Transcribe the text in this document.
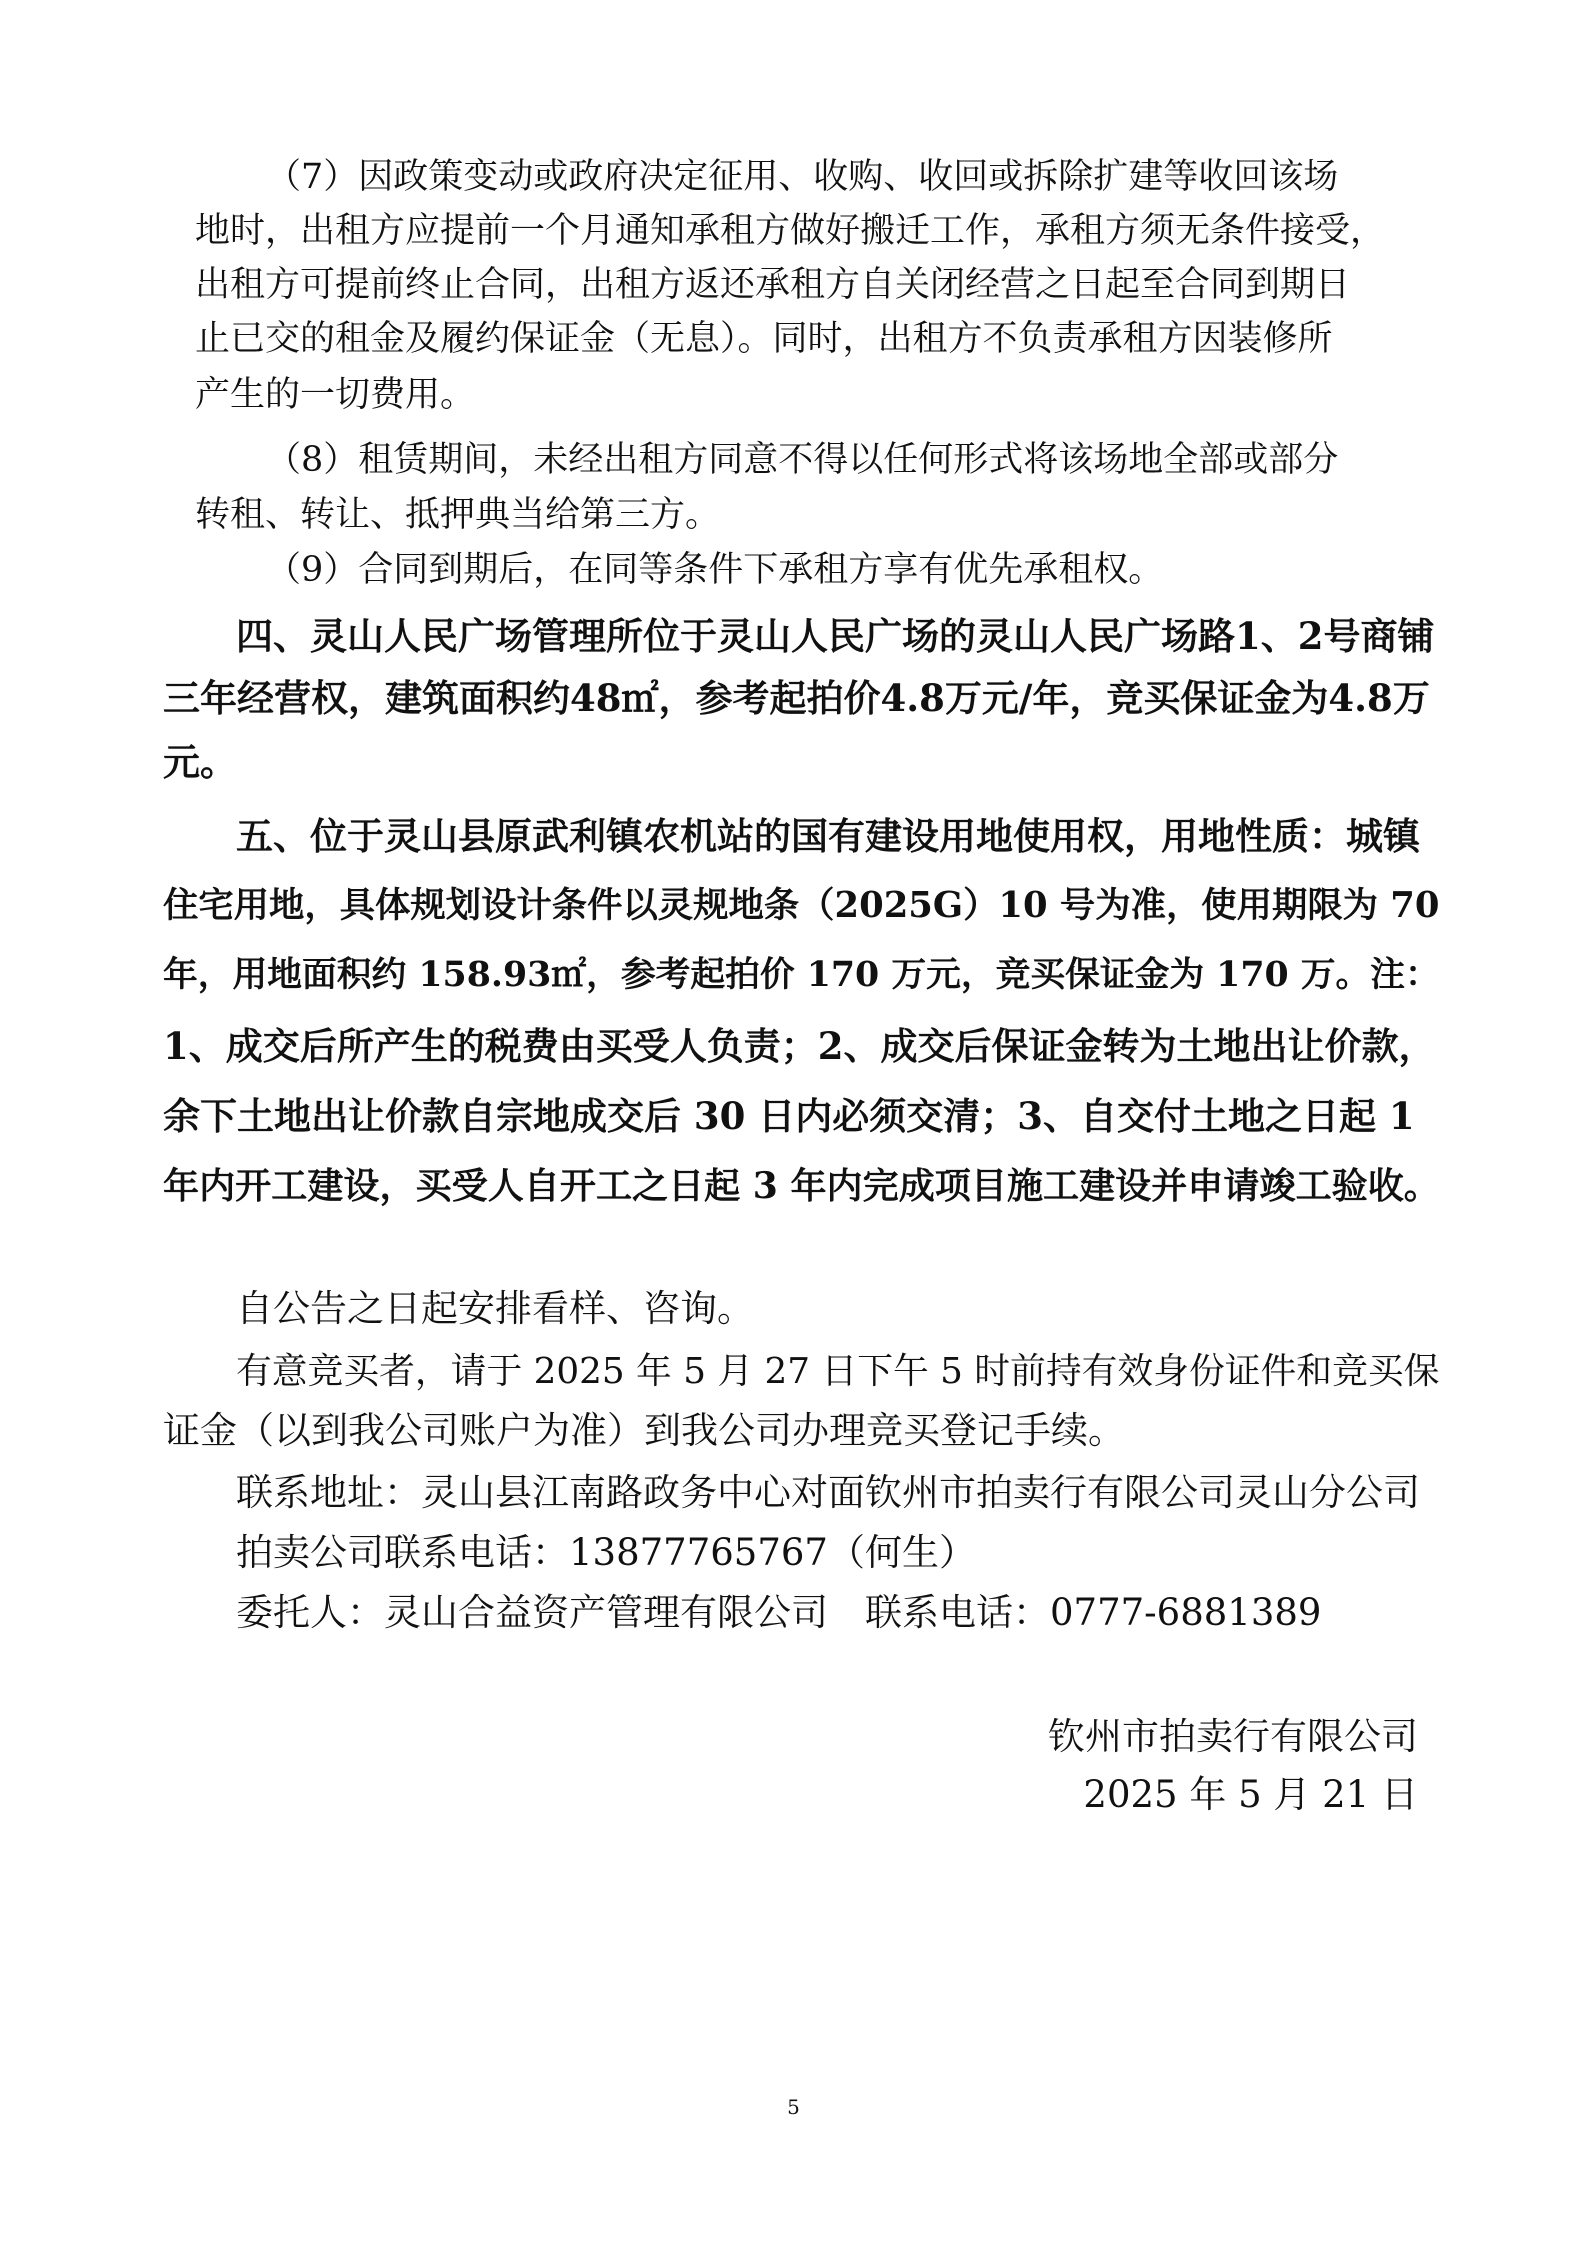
（7）因政策变动或政府决定征用、收购、收回或拆除扩建等收回该场
地时，出租方应提前一个月通知承租方做好搬迁工作，承租方须无条件接受，
出租方可提前终止合同，出租方返还承租方自关闭经营之日起至合同到期日
止已交的租金及履约保证金（无息）。同时，出租方不负责承租方因装修所
产生的一切费用。
（8）租赁期间，未经出租方同意不得以任何形式将该场地全部或部分
转租、转让、抵押典当给第三方。
（9）合同到期后，在同等条件下承租方享有优先承租权。
四、灵山人民广场管理所位于灵山人民广场的灵山人民广场路1、2号商铺
三年经营权，建筑面积约48㎡，参考起拍价4.8万元/年，竞买保证金为4.8万
元。
五、位于灵山县原武利镇农机站的国有建设用地使用权，用地性质：城镇
住宅用地，具体规划设计条件以灵规地条（2025G）10 号为准，使用期限为 70
年，用地面积约 158.93㎡，参考起拍价 170 万元，竞买保证金为 170 万。注：
1、成交后所产生的税费由买受人负责；2、成交后保证金转为土地出让价款，
余下土地出让价款自宗地成交后 30 日内必须交清；3、自交付土地之日起 1
年内开工建设，买受人自开工之日起 3 年内完成项目施工建设并申请竣工验收。
自公告之日起安排看样、咨询。
有意竞买者，请于 2025 年 5 月 27 日下午 5 时前持有效身份证件和竞买保
证金（以到我公司账户为准）到我公司办理竞买登记手续。
联系地址：灵山县江南路政务中心对面钦州市拍卖行有限公司灵山分公司
拍卖公司联系电话：13877765767（何生）
委托人：灵山合益资产管理有限公司　联系电话：0777-6881389
钦州市拍卖行有限公司
2025 年 5 月 21 日
5
